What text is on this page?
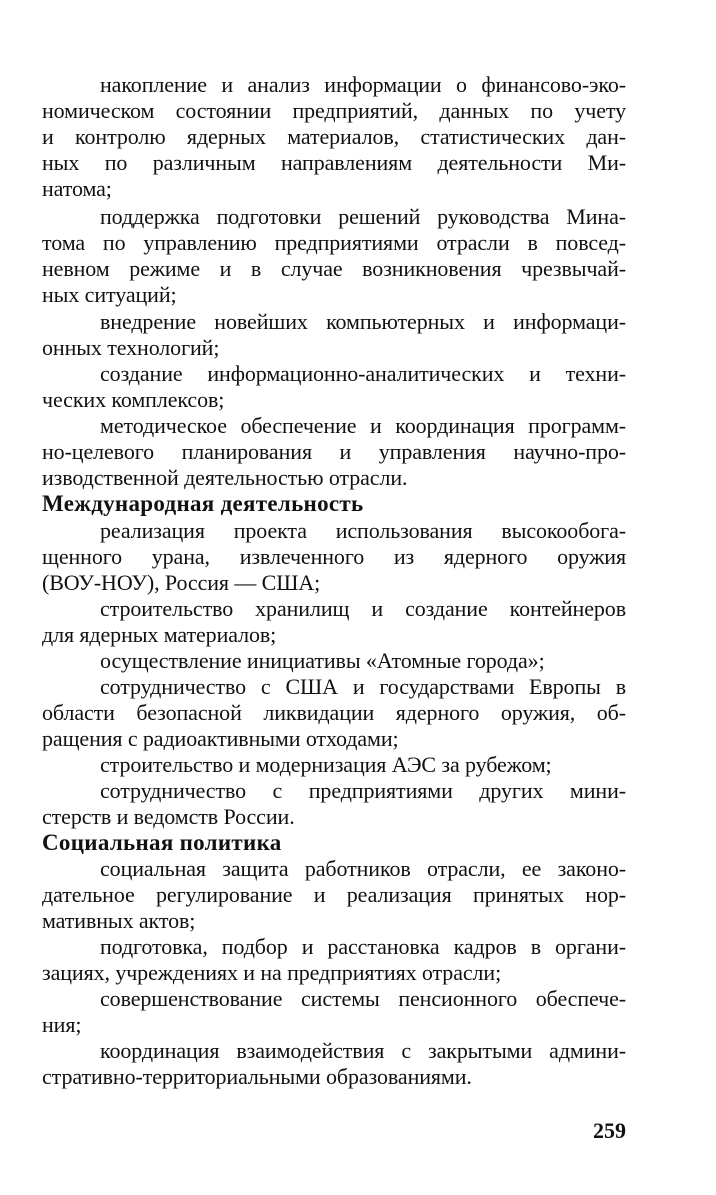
накопление и анализ информации о финансово-эко-

номическом состоянии предприятий, данных по учету

и контролю ядерных материалов, статистических дан-

ных по различным направлениям деятельности Ми-

натома;

поддержка подготовки решений руководства Мина-

тома по управлению предприятиями отрасли в повсед-

невном режиме и в случае возникновения чрезвычай-

ных ситуаций;

внедрение новейших компьютерных и информаци-

онных технологий;

создание информационно-аналитических и техни-

ческих комплексов;

методическое обеспечение и координация программ-

но-целевого планирования и управления научно-про-

изводственной деятельностью отрасли.

Международная деятельность

реализация проекта использования высокообога-

щенного урана, извлеченного из ядерного оружия

(ВОУ-НОУ), Россия — США;

строительство хранилищ и создание контейнеров

для ядерных материалов;

осуществление инициативы «Атомные города»;

сотрудничество с США и государствами Европы в

области безопасной ликвидации ядерного оружия, об-

ращения с радиоактивными отходами;

строительство и модернизация АЭС за рубежом;

сотрудничество с предприятиями других мини-

стерств и ведомств России.

Социальная политика

социальная защита работников отрасли, ее законо-

дательное регулирование и реализация принятых нор-

мативных актов;

подготовка, подбор и расстановка кадров в органи-

зациях, учреждениях и на предприятиях отрасли;

совершенствование системы пенсионного обеспече-

ния;

координация взаимодействия с закрытыми админи-

стративно-территориальными образованиями.

259
